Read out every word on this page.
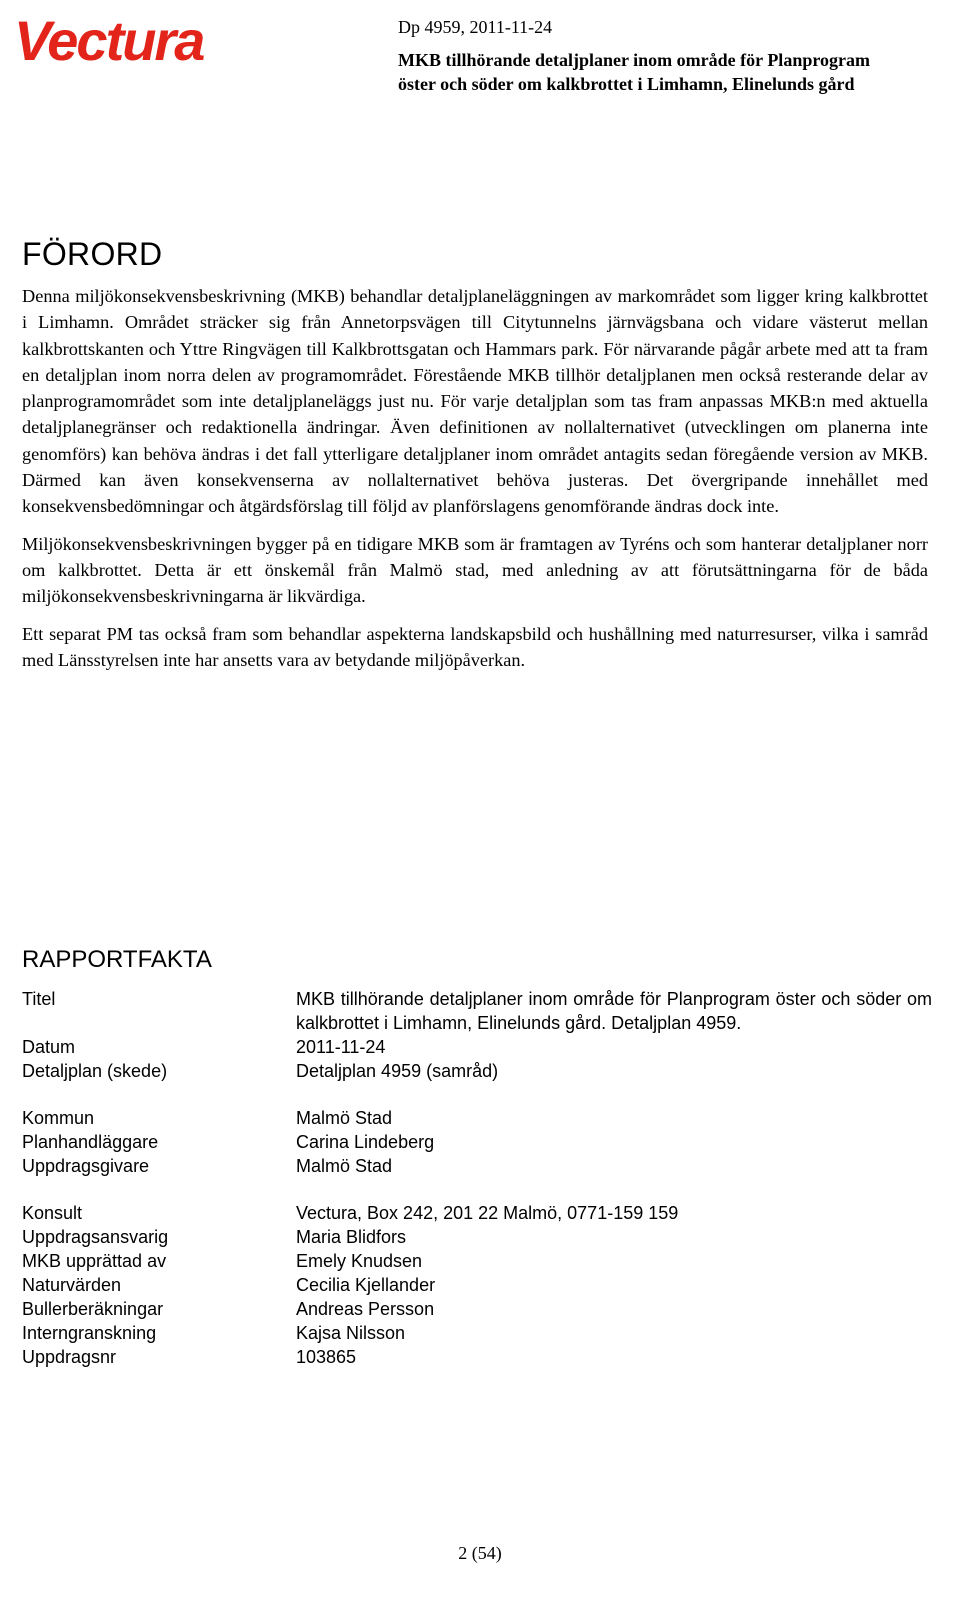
Vectura	Dp 4959, 2011-11-24
MKB tillhörande detaljplaner inom område för Planprogram
öster och söder om kalkbrottet i Limhamn, Elinelunds gård
FÖRORD

Denna miljökonsekvensbeskrivning (MKB) behandlar detaljplaneläggningen av markområdet som ligger kring kalkbrottet i Limhamn. Området sträcker sig från Annetorpsvägen till Citytunnelns järnvägsbana och vidare västerut mellan kalkbrottskanten och Yttre Ringvägen till Kalkbrottsgatan och Hammars park. För närvarande pågår arbete med att ta fram en detaljplan inom norra delen av programområdet. Förestående MKB tillhör detaljplanen men också resterande delar av planprogramområdet som inte detaljplaneläggs just nu. För varje detaljplan som tas fram anpassas MKB:n med aktuella detaljplanegränser och redaktionella ändringar. Även definitionen av nollalternativet (utvecklingen om planerna inte genomförs) kan behöva ändras i det fall ytterligare detaljplaner inom området antagits sedan föregående version av MKB. Därmed kan även konsekvenserna av nollalternativet behöva justeras. Det övergripande innehållet med konsekvensbedömningar och åtgärdsförslag till följd av planförslagens genomförande ändras dock inte.

Miljökonsekvensbeskrivningen bygger på en tidigare MKB som är framtagen av Tyréns och som hanterar detaljplaner norr om kalkbrottet. Detta är ett önskemål från Malmö stad, med anledning av att förutsättningarna för de båda miljökonsekvensbeskrivningarna är likvärdiga.

Ett separat PM tas också fram som behandlar aspekterna landskapsbild och hushållning med naturresurser, vilka i samråd med Länsstyrelsen inte har ansetts vara av betydande miljöpåverkan.

RAPPORTFAKTA
Titel	MKB tillhörande detaljplaner inom område för Planprogram öster och söder om kalkbrottet i Limhamn, Elinelunds gård. Detaljplan 4959.
Datum	2011-11-24
Detaljplan (skede)	Detaljplan 4959 (samråd)
Kommun	Malmö Stad
Planhandläggare	Carina Lindeberg
Uppdragsgivare	Malmö Stad
Konsult	Vectura, Box 242, 201 22 Malmö, 0771-159 159
Uppdragsansvarig	Maria Blidfors
MKB upprättad av	Emely Knudsen
Naturvärden	Cecilia Kjellander
Bullerberäkningar	Andreas Persson
Interngranskning	Kajsa Nilsson
Uppdragsnr	103865
2 (54)
